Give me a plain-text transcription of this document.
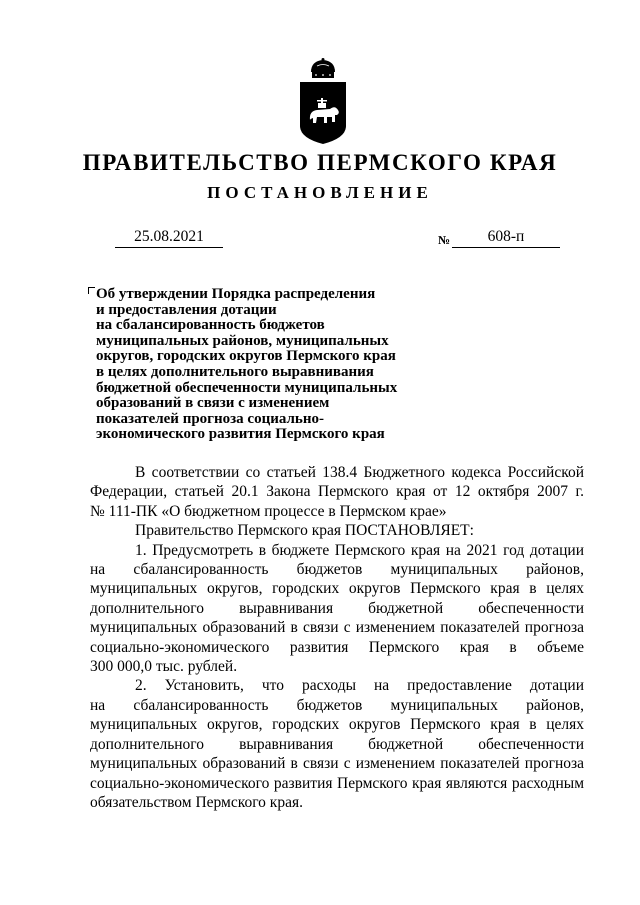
ПРАВИТЕЛЬСТВО ПЕРМСКОГО КРАЯ
ПОСТАНОВЛЕНИЕ
25.08.2021	№	608-п
Об утверждении Порядка распределения
и предоставления дотации
на сбалансированность бюджетов
муниципальных районов, муниципальных
округов, городских округов Пермского края
в целях дополнительного выравнивания
бюджетной обеспеченности муниципальных
образований в связи с изменением
показателей прогноза социально-
экономического развития Пермского края
В соответствии со статьей 138.4 Бюджетного кодекса Российской
Федерации, статьей 20.1 Закона Пермского края от 12 октября 2007 г.
№ 111-ПК «О бюджетном процессе в Пермском крае»
Правительство Пермского края ПОСТАНОВЛЯЕТ:
1. Предусмотреть в бюджете Пермского края на 2021 год дотации
на сбалансированность бюджетов муниципальных районов,
муниципальных округов, городских округов Пермского края в целях
дополнительного выравнивания бюджетной обеспеченности
муниципальных образований в связи с изменением показателей прогноза
социально-экономического развития Пермского края в объеме
300 000,0 тыс. рублей.
2. Установить, что расходы на предоставление дотации
на сбалансированность бюджетов муниципальных районов,
муниципальных округов, городских округов Пермского края в целях
дополнительного выравнивания бюджетной обеспеченности
муниципальных образований в связи с изменением показателей прогноза
социально-экономического развития Пермского края являются расходным
обязательством Пермского края.
